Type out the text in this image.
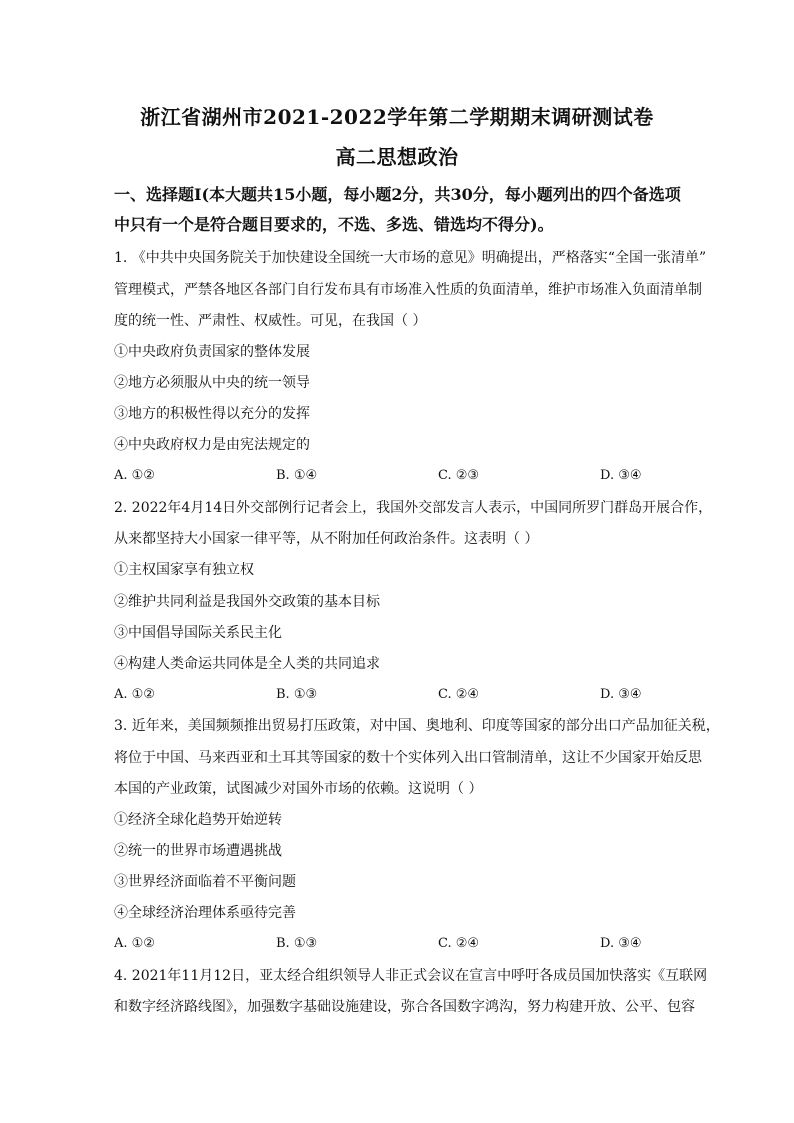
浙江省湖州市2021-2022学年第二学期期末调研测试卷
高二思想政治
一、选择题Ⅰ(本大题共15小题，每小题2分，共30分，每小题列出的四个备选项
中只有一个是符合题目要求的，不选、多选、错选均不得分)。
1. 《中共中央国务院关于加快建设全国统一大市场的意见》明确提出，严格落实“全国一张清单”
管理模式，严禁各地区各部门自行发布具有市场准入性质的负面清单，维护市场准入负面清单制
度的统一性、严肃性、权威性。可见，在我国（ ）
①中央政府负责国家的整体发展
②地方必须服从中央的统一领导
③地方的积极性得以充分的发挥
④中央政府权力是由宪法规定的
A. ①②	B. ①④	C. ②③	D. ③④
2. 2022年4月14日外交部例行记者会上，我国外交部发言人表示，中国同所罗门群岛开展合作，
从来都坚持大小国家一律平等，从不附加任何政治条件。这表明（ ）
①主权国家享有独立权
②维护共同利益是我国外交政策的基本目标
③中国倡导国际关系民主化
④构建人类命运共同体是全人类的共同追求
A. ①②	B. ①③	C. ②④	D. ③④
3. 近年来，美国频频推出贸易打压政策，对中国、奥地利、印度等国家的部分出口产品加征关税，
将位于中国、马来西亚和土耳其等国家的数十个实体列入出口管制清单，这让不少国家开始反思
本国的产业政策，试图减少对国外市场的依赖。这说明（ ）
①经济全球化趋势开始逆转
②统一的世界市场遭遇挑战
③世界经济面临着不平衡问题
④全球经济治理体系亟待完善
A. ①②	B. ①③	C. ②④	D. ③④
4. 2021年11月12日，亚太经合组织领导人非正式会议在宣言中呼吁各成员国加快落实《互联网
和数字经济路线图》，加强数字基础设施建设，弥合各国数字鸿沟，努力构建开放、公平、包容
